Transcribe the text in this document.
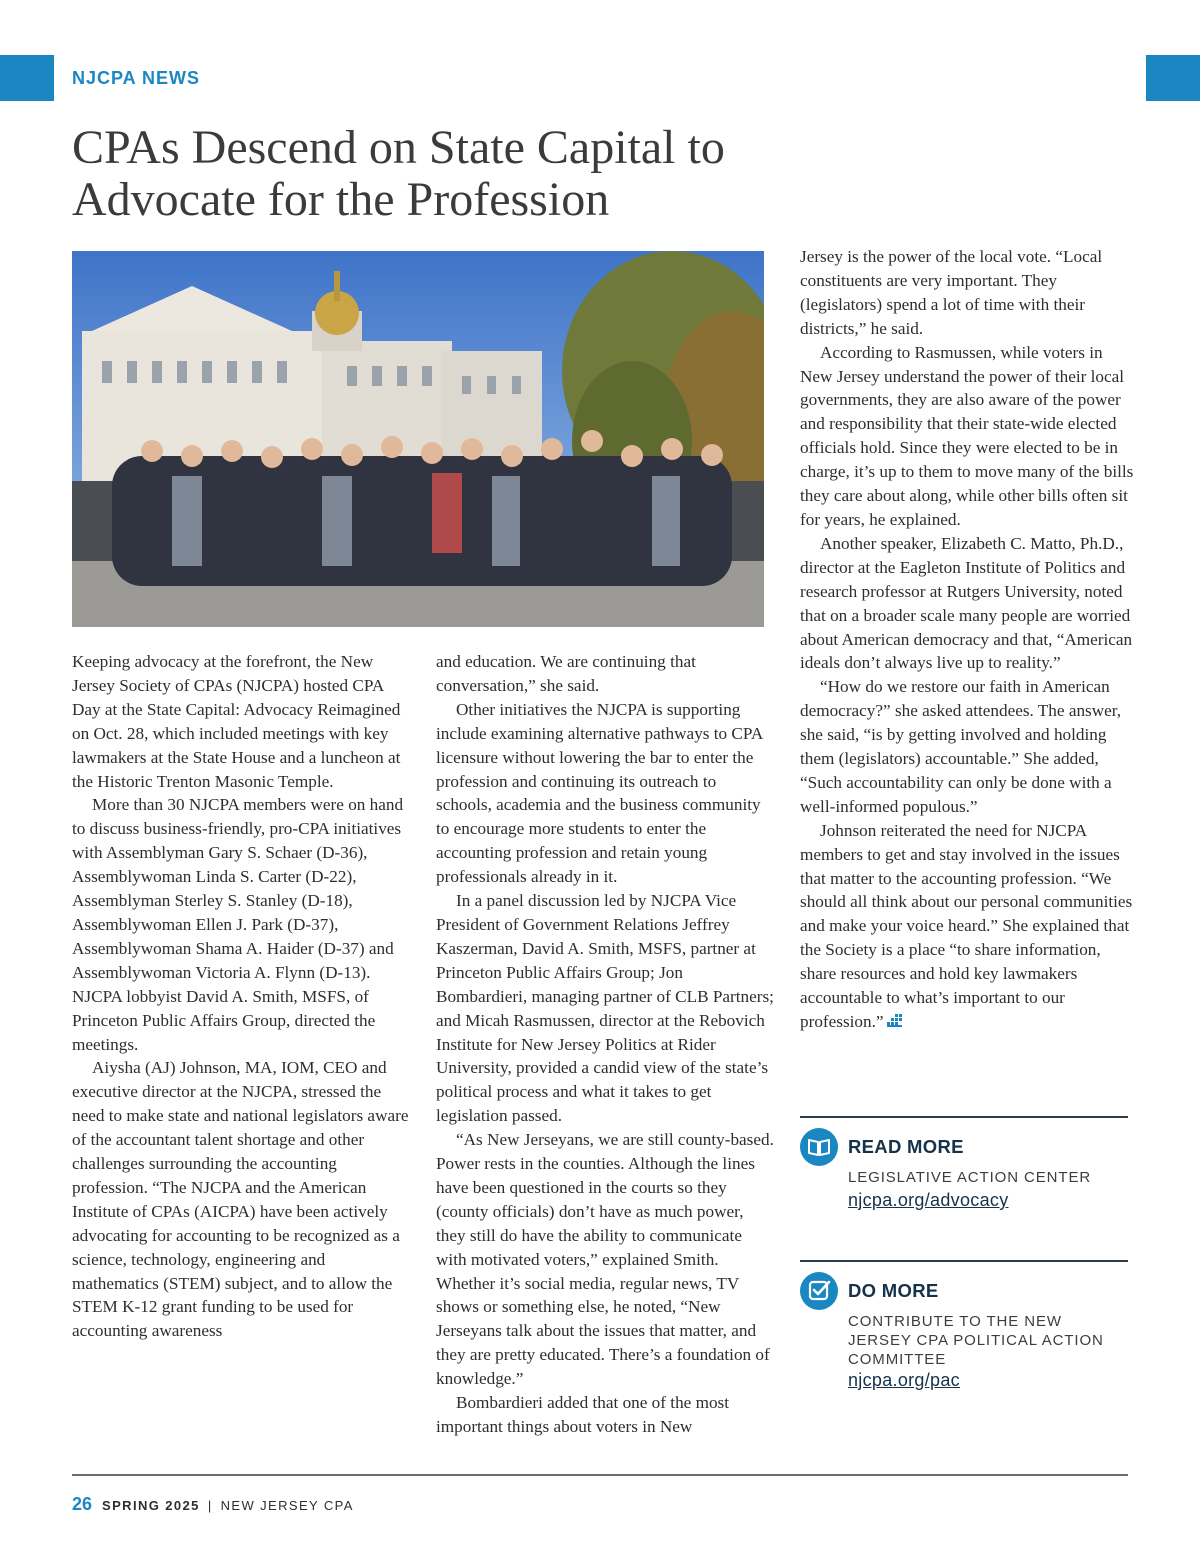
NJCPA NEWS
CPAs Descend on State Capital to
Advocate for the Profession

Keeping advocacy at the forefront, the New Jersey Society of CPAs (NJCPA) hosted CPA Day at the State Capital: Advocacy Reimagined on Oct. 28, which included meetings with key lawmakers at the State House and a luncheon at the Historic Trenton Masonic Temple.

More than 30 NJCPA members were on hand to discuss business-friendly, pro-CPA initiatives with Assemblyman Gary S. Schaer (D-36), Assemblywoman Linda S. Carter (D-22), Assemblyman Sterley S. Stanley (D-18), Assemblywoman Ellen J. Park (D-37), Assemblywoman Shama A. Haider (D-37) and Assemblywoman Victoria A. Flynn (D-13). NJCPA lobbyist David A. Smith, MSFS, of Princeton Public Affairs Group, directed the meetings.

Aiysha (AJ) Johnson, MA, IOM, CEO and executive director at the NJCPA, stressed the need to make state and national legislators aware of the accountant talent shortage and other challenges surrounding the accounting profession. “The NJCPA and the American Institute of CPAs (AICPA) have been actively advocating for accounting to be recognized as a science, technology, engineering and mathematics (STEM) subject, and to allow the STEM K-12 grant funding to be used for accounting awareness

and education. We are continuing that conversation,” she said.

Other initiatives the NJCPA is supporting include examining alternative pathways to CPA licensure without lowering the bar to enter the profession and continuing its outreach to schools, academia and the business community to encourage more students to enter the accounting profession and retain young professionals already in it.

In a panel discussion led by NJCPA Vice President of Government Relations Jeffrey Kaszerman, David A. Smith, MSFS, partner at Princeton Public Affairs Group; Jon Bombardieri, managing partner of CLB Partners; and Micah Rasmussen, director at the Rebovich Institute for New Jersey Politics at Rider University, provided a candid view of the state’s political process and what it takes to get legislation passed.

“As New Jerseyans, we are still county-based. Power rests in the counties. Although the lines have been questioned in the courts so they (county officials) don’t have as much power, they still do have the ability to communicate with motivated voters,” explained Smith. Whether it’s social media, regular news, TV shows or something else, he noted, “New Jerseyans talk about the issues that matter, and they are pretty educated. There’s a foundation of knowledge.”

Bombardieri added that one of the most important things about voters in New

Jersey is the power of the local vote. “Local constituents are very important. They (legislators) spend a lot of time with their districts,” he said.

According to Rasmussen, while voters in New Jersey understand the power of their local governments, they are also aware of the power and responsibility that their state-wide elected officials hold. Since they were elected to be in charge, it’s up to them to move many of the bills they care about along, while other bills often sit for years, he explained.

Another speaker, Elizabeth C. Matto, Ph.D., director at the Eagleton Institute of Politics and research professor at Rutgers University, noted that on a broader scale many people are worried about American democracy and that, “American ideals don’t always live up to reality.”

“How do we restore our faith in American democracy?” she asked attendees. The answer, she said, “is by getting involved and holding them (legislators) accountable.” She added, “Such accountability can only be done with a well-informed populous.”

Johnson reiterated the need for NJCPA members to get and stay involved in the issues that matter to the accounting profession. “We should all think about our personal communities and make your voice heard.” She explained that the Society is a place “to share information, share resources and hold key lawmakers accountable to what’s important to our profession.”

READ MORE
LEGISLATIVE ACTION CENTER
njcpa.org/advocacy
DO MORE
CONTRIBUTE TO THE NEW JERSEY CPA POLITICAL ACTION COMMITTEE
njcpa.org/pac
26 SPRING 2025 | NEW JERSEY CPA
